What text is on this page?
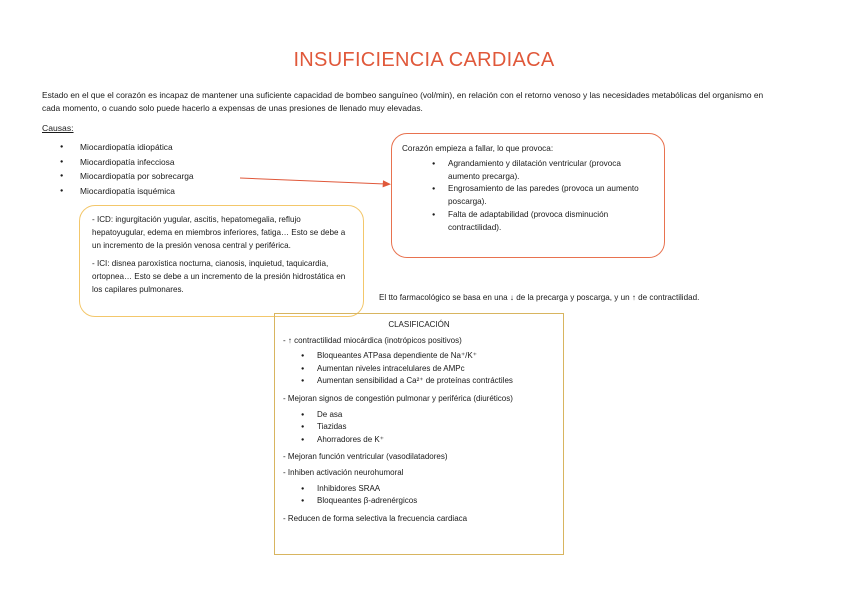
INSUFICIENCIA CARDIACA
Estado en el que el corazón es incapaz de mantener una suficiente capacidad de bombeo sanguíneo (vol/min), en relación con el retorno venoso y las necesidades metabólicas del organismo en cada momento, o cuando solo puede hacerlo a expensas de unas presiones de llenado muy elevadas.
Causas:
● Miocardiopatía idiopática
● Miocardiopatía infecciosa
● Miocardiopatía por sobrecarga
● Miocardiopatía isquémica
Corazón empieza a fallar, lo que provoca:
● Agrandamiento y dilatación ventricular (provoca aumento precarga).
● Engrosamiento de las paredes (provoca un aumento poscarga).
● Falta de adaptabilidad (provoca disminución contractilidad).

- ICD: ingurgitación yugular, ascitis, hepatomegalia, reflujo hepatoyugular, edema en miembros inferiores, fatiga… Esto se debe a un incremento de la presión venosa central y periférica.

- ICI: disnea paroxística nocturna, cianosis, inquietud, taquicardia, ortopnea… Esto se debe a un incremento de la presión hidrostática en los capilares pulmonares.

El tto farmacológico se basa en una ↓ de la precarga y poscarga, y un ↑ de contractilidad.
CLASIFICACIÓN
- ↑ contractilidad miocárdica (inotrópicos positivos)
● Bloqueantes ATPasa dependiente de Na⁺/K⁺
● Aumentan niveles intracelulares de AMPc
● Aumentan sensibilidad a Ca²⁺ de proteínas contráctiles
- Mejoran signos de congestión pulmonar y periférica (diuréticos)
● De asa
● Tiazidas
● Ahorradores de K⁺
- Mejoran función ventricular (vasodilatadores)
- Inhiben activación neurohumoral
● Inhibidores SRAA
● Bloqueantes β-adrenérgicos
- Reducen de forma selectiva la frecuencia cardiaca
